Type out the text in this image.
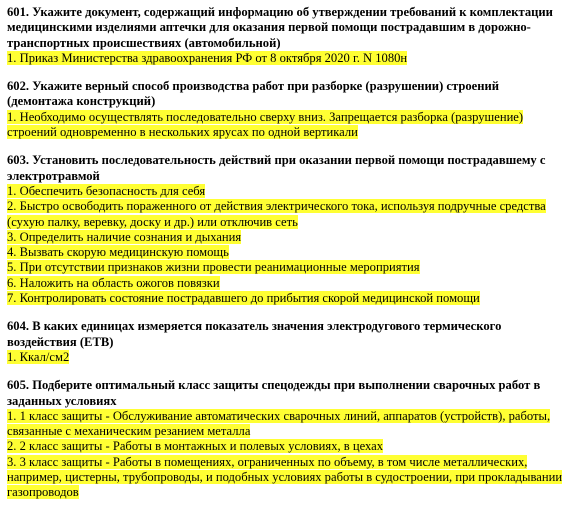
601. Укажите документ, содержащий информацию об утверждении требований к комплектации медицинскими изделиями аптечки для оказания первой помощи пострадавшим в дорожно-транспортных происшествиях (автомобильной)

1. Приказ Министерства здравоохранения РФ от 8 октября 2020 г. N 1080н

602. Укажите верный способ производства работ при разборке (разрушении) строений (демонтажа конструкций)

1. Необходимо осуществлять последовательно сверху вниз. Запрещается разборка (разрушение) строений одновременно в нескольких ярусах по одной вертикали

603. Установить последовательность действий при оказании первой помощи пострадавшему с электротравмой

1. Обеспечить безопасность для себя

2. Быстро освободить пораженного от действия электрического тока, используя подручные средства (сухую палку, веревку, доску и др.) или отключив сеть

3. Определить наличие сознания и дыхания

4. Вызвать скорую медицинскую помощь

5. При отсутствии признаков жизни провести реанимационные мероприятия

6. Наложить на область ожогов повязки

7. Контролировать состояние пострадавшего до прибытия скорой медицинской помощи

604. В каких единицах измеряется показатель значения электродугового термического воздействия (ЕТВ)

1. Ккал/см2

605. Подберите оптимальный класс защиты спецодежды при выполнении сварочных работ в заданных условиях

1. 1 класс защиты - Обслуживание автоматических сварочных линий, аппаратов (устройств), работы, связанные с механическим резанием металла

2. 2 класс защиты - Работы в монтажных и полевых условиях, в цехах

3. 3 класс защиты - Работы в помещениях, ограниченных по объему, в том числе металлических, например, цистерны, трубопроводы, и подобных условиях работы в судостроении, при прокладывании газопроводов
